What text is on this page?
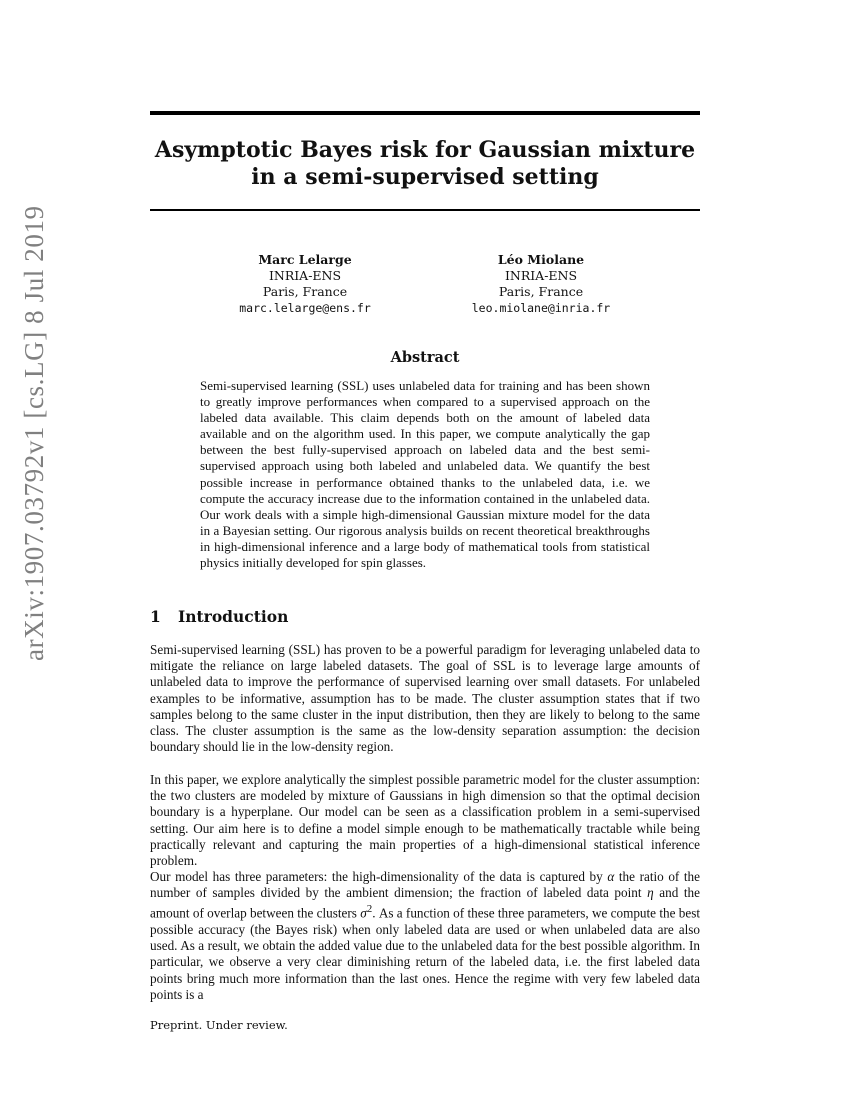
arXiv:1907.03792v1 [cs.LG] 8 Jul 2019
Asymptotic Bayes risk for Gaussian mixture in a semi-supervised setting
Marc Lelarge
INRIA-ENS
Paris, France
marc.lelarge@ens.fr
Léo Miolane
INRIA-ENS
Paris, France
leo.miolane@inria.fr
Abstract

Semi-supervised learning (SSL) uses unlabeled data for training and has been shown to greatly improve performances when compared to a supervised approach on the labeled data available. This claim depends both on the amount of labeled data available and on the algorithm used. In this paper, we compute analytically the gap between the best fully-supervised approach on labeled data and the best semi-supervised approach using both labeled and unlabeled data. We quantify the best possible increase in performance obtained thanks to the unlabeled data, i.e. we compute the accuracy increase due to the information contained in the unlabeled data. Our work deals with a simple high-dimensional Gaussian mixture model for the data in a Bayesian setting. Our rigorous analysis builds on recent theoretical breakthroughs in high-dimensional inference and a large body of mathematical tools from statistical physics initially developed for spin glasses.

1 Introduction

Semi-supervised learning (SSL) has proven to be a powerful paradigm for leveraging unlabeled data to mitigate the reliance on large labeled datasets. The goal of SSL is to leverage large amounts of unlabeled data to improve the performance of supervised learning over small datasets. For unlabeled examples to be informative, assumption has to be made. The cluster assumption states that if two samples belong to the same cluster in the input distribution, then they are likely to belong to the same class. The cluster assumption is the same as the low-density separation assumption: the decision boundary should lie in the low-density region.

In this paper, we explore analytically the simplest possible parametric model for the cluster assumption: the two clusters are modeled by mixture of Gaussians in high dimension so that the optimal decision boundary is a hyperplane. Our model can be seen as a classification problem in a semi-supervised setting. Our aim here is to define a model simple enough to be mathematically tractable while being practically relevant and capturing the main properties of a high-dimensional statistical inference problem.

Our model has three parameters: the high-dimensionality of the data is captured by α the ratio of the number of samples divided by the ambient dimension; the fraction of labeled data point η and the amount of overlap between the clusters $\sigma^2$. As a function of these three parameters, we compute the best possible accuracy (the Bayes risk) when only labeled data are used or when unlabeled data are also used. As a result, we obtain the added value due to the unlabeled data for the best possible algorithm. In particular, we observe a very clear diminishing return of the labeled data, i.e. the first labeled data points bring much more information than the last ones. Hence the regime with very few labeled data points is a

Preprint. Under review.
